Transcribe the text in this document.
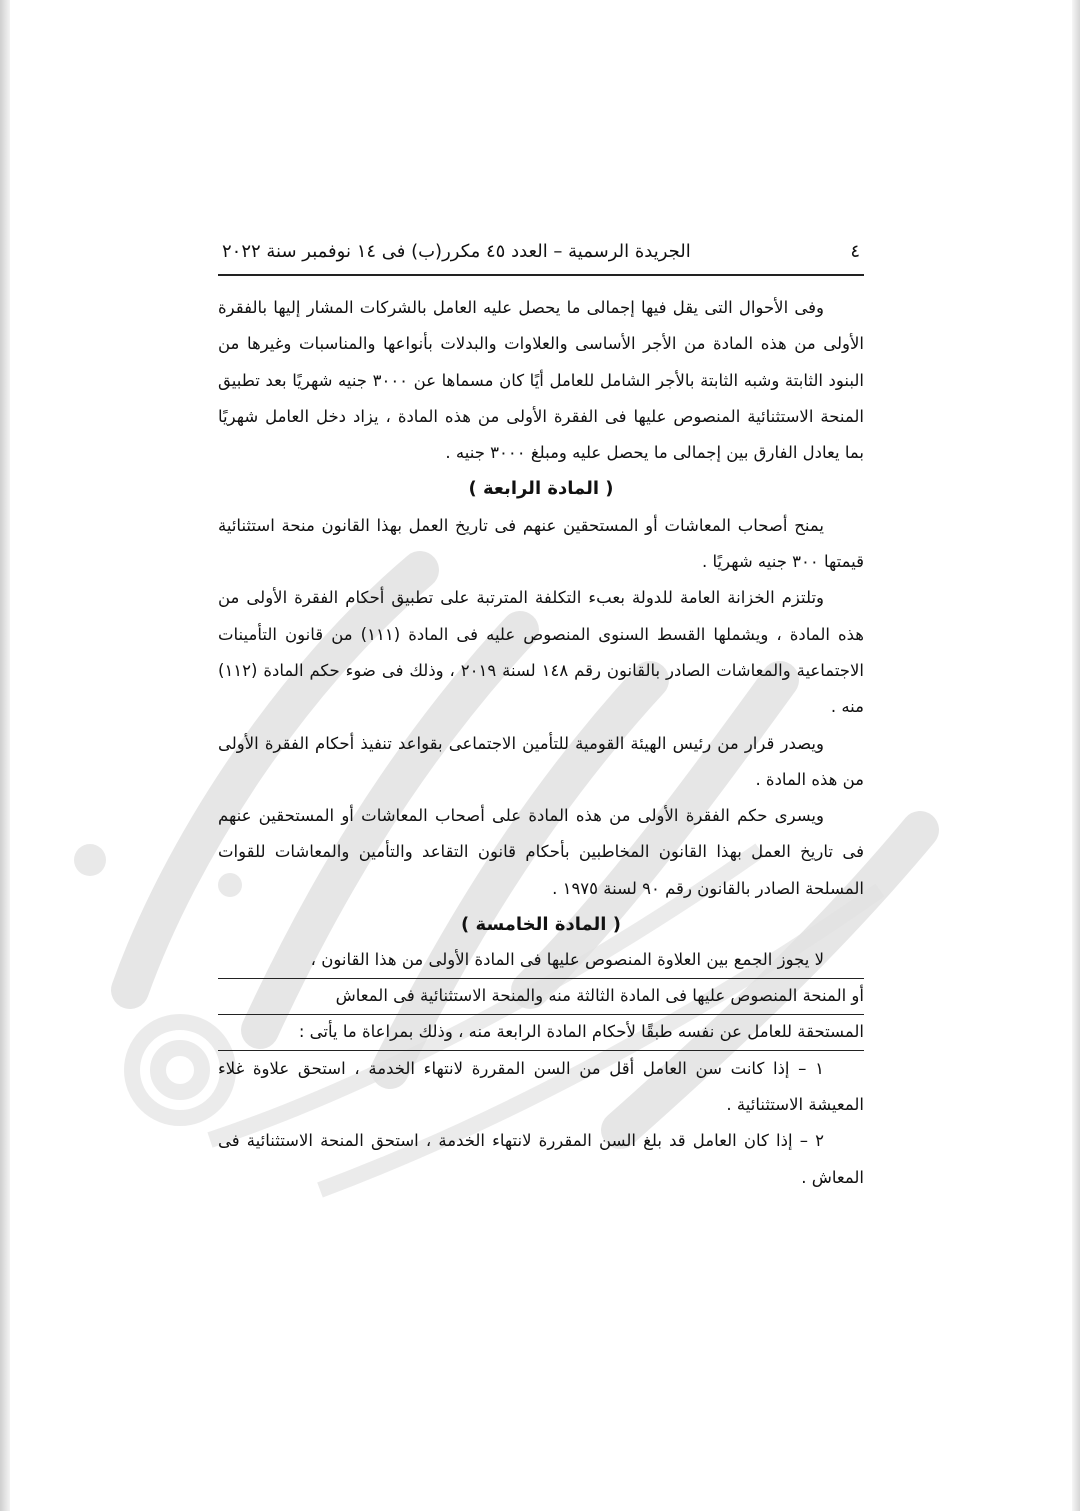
٤
الجريدة الرسمية – العدد ٤٥ مكرر(ب) فى ١٤ نوفمبر سنة ٢٠٢٢

وفى الأحوال التى يقل فيها إجمالى ما يحصل عليه العامل بالشركات المشار إليها بالفقرة الأولى من هذه المادة من الأجر الأساسى والعلاوات والبدلات بأنواعها والمناسبات وغيرها من البنود الثابتة وشبه الثابتة بالأجر الشامل للعامل أيًا كان مسماها عن ٣٠٠٠ جنيه شهريًا بعد تطبيق المنحة الاستثنائية المنصوص عليها فى الفقرة الأولى من هذه المادة ، يزاد دخل العامل شهريًا بما يعادل الفارق بين إجمالى ما يحصل عليه ومبلغ ٣٠٠٠ جنيه .

( المادة الرابعة )

يمنح أصحاب المعاشات أو المستحقين عنهم فى تاريخ العمل بهذا القانون منحة استثنائية قيمتها ٣٠٠ جنيه شهريًا .

وتلتزم الخزانة العامة للدولة بعبء التكلفة المترتبة على تطبيق أحكام الفقرة الأولى من هذه المادة ، ويشملها القسط السنوى المنصوص عليه فى المادة (١١١) من قانون التأمينات الاجتماعية والمعاشات الصادر بالقانون رقم ١٤٨ لسنة ٢٠١٩ ، وذلك فى ضوء حكم المادة (١١٢) منه .

ويصدر قرار من رئيس الهيئة القومية للتأمين الاجتماعى بقواعد تنفيذ أحكام الفقرة الأولى من هذه المادة .

ويسرى حكم الفقرة الأولى من هذه المادة على أصحاب المعاشات أو المستحقين عنهم فى تاريخ العمل بهذا القانون المخاطبين بأحكام قانون التقاعد والتأمين والمعاشات للقوات المسلحة الصادر بالقانون رقم ٩٠ لسنة ١٩٧٥ .

( المادة الخامسة )

لا يجوز الجمع بين العلاوة المنصوص عليها فى المادة الأولى من هذا القانون ،

أو المنحة المنصوص عليها فى المادة الثالثة منه والمنحة الاستثنائية فى المعاش

المستحقة للعامل عن نفسه طبقًا لأحكام المادة الرابعة منه ، وذلك بمراعاة ما يأتى :

١ – إذا كانت سن العامل أقل من السن المقررة لانتهاء الخدمة ، استحق علاوة غلاء المعيشة الاستثنائية .

٢ – إذا كان العامل قد بلغ السن المقررة لانتهاء الخدمة ، استحق المنحة الاستثنائية فى المعاش .
